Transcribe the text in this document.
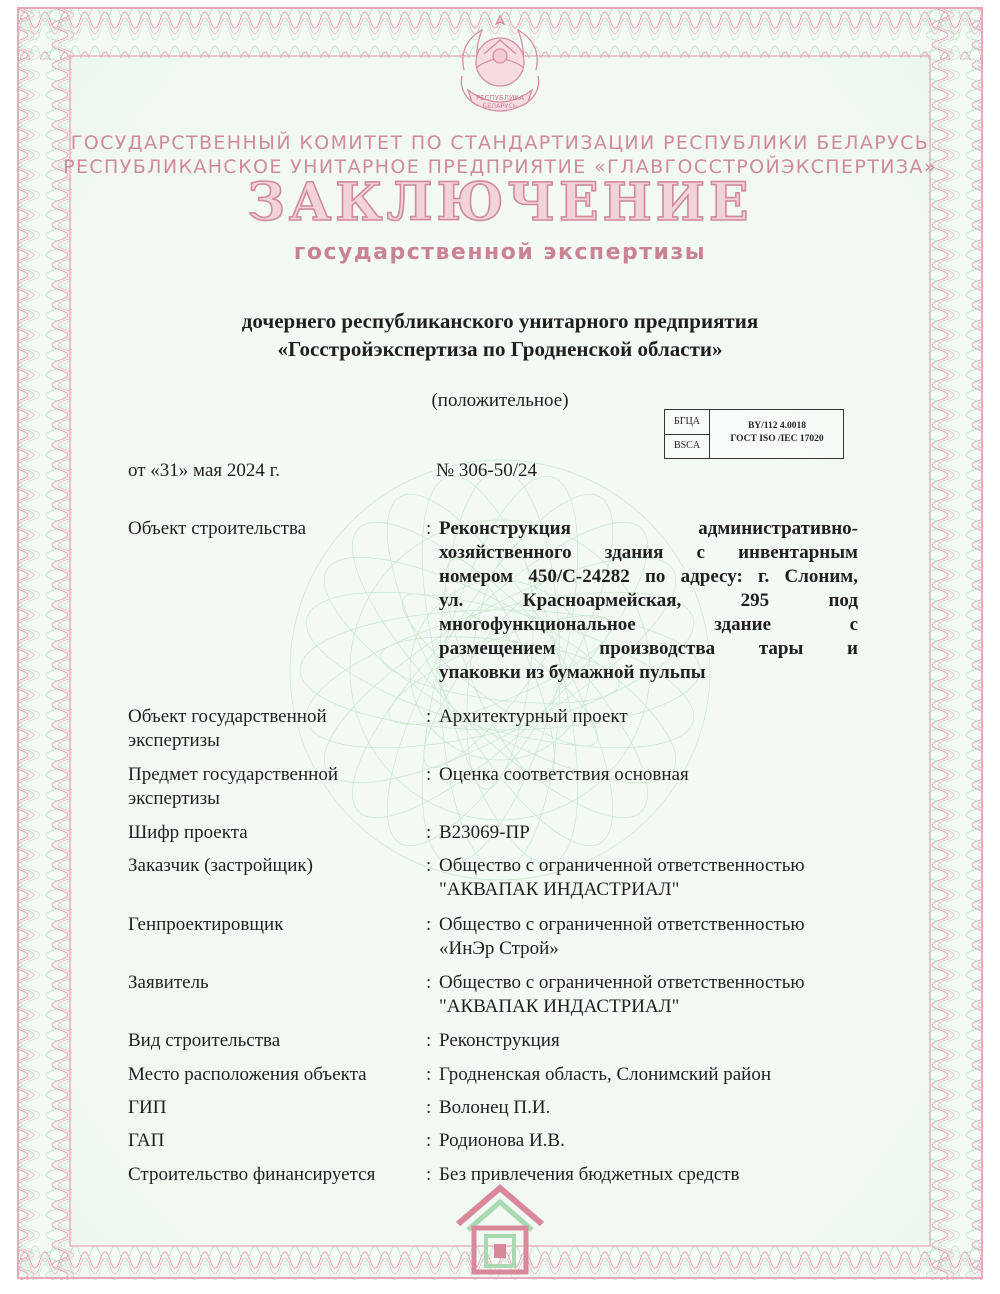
РЕСПУБЛИКА
БЕЛАРУСЬ
ГОСУДАРСТВЕННЫЙ КОМИТЕТ ПО СТАНДАРТИЗАЦИИ РЕСПУБЛИКИ БЕЛАРУСЬ
РЕСПУБЛИКАНСКОЕ УНИТАРНОЕ ПРЕДПРИЯТИЕ «ГЛАВГОССТРОЙЭКСПЕРТИЗА»
ЗАКЛЮЧЕНИЕ
государственной экспертизы
дочернего республиканского унитарного предприятия
«Госстройэкспертиза по Гродненской области»
(положительное)
БГЦА
BSCA
BY/112 4.0018
ГОСТ ISO /IEC 17020
от «31» мая 2024 г.	№ 306-50/24
Объект строительства	: Реконструкция административно-
хозяйственного здания с инвентарным
номером 450/С-24282 по адресу: г. Слоним,
ул. Красноармейская, 295 под
многофункциональное здание с
размещением производства тары и
упаковки из бумажной пульпы
Объект государственной
экспертизы
: Архитектурный проект
Предмет государственной
экспертизы
: Оценка соответствия основная
Шифр проекта	: В23069-ПР
Заказчик (застройщик)	: Общество с ограниченной ответственностью
"АКВАПАК ИНДАСТРИАЛ"
Генпроектировщик	: Общество с ограниченной ответственностью
«ИнЭр Строй»
Заявитель	: Общество с ограниченной ответственностью
"АКВАПАК ИНДАСТРИАЛ"
Вид строительства	: Реконструкция
Место расположения объекта	: Гродненская область, Слонимский район
ГИП	: Волонец П.И.
ГАП	: Родионова И.В.
Строительство финансируется	: Без привлечения бюджетных средств
